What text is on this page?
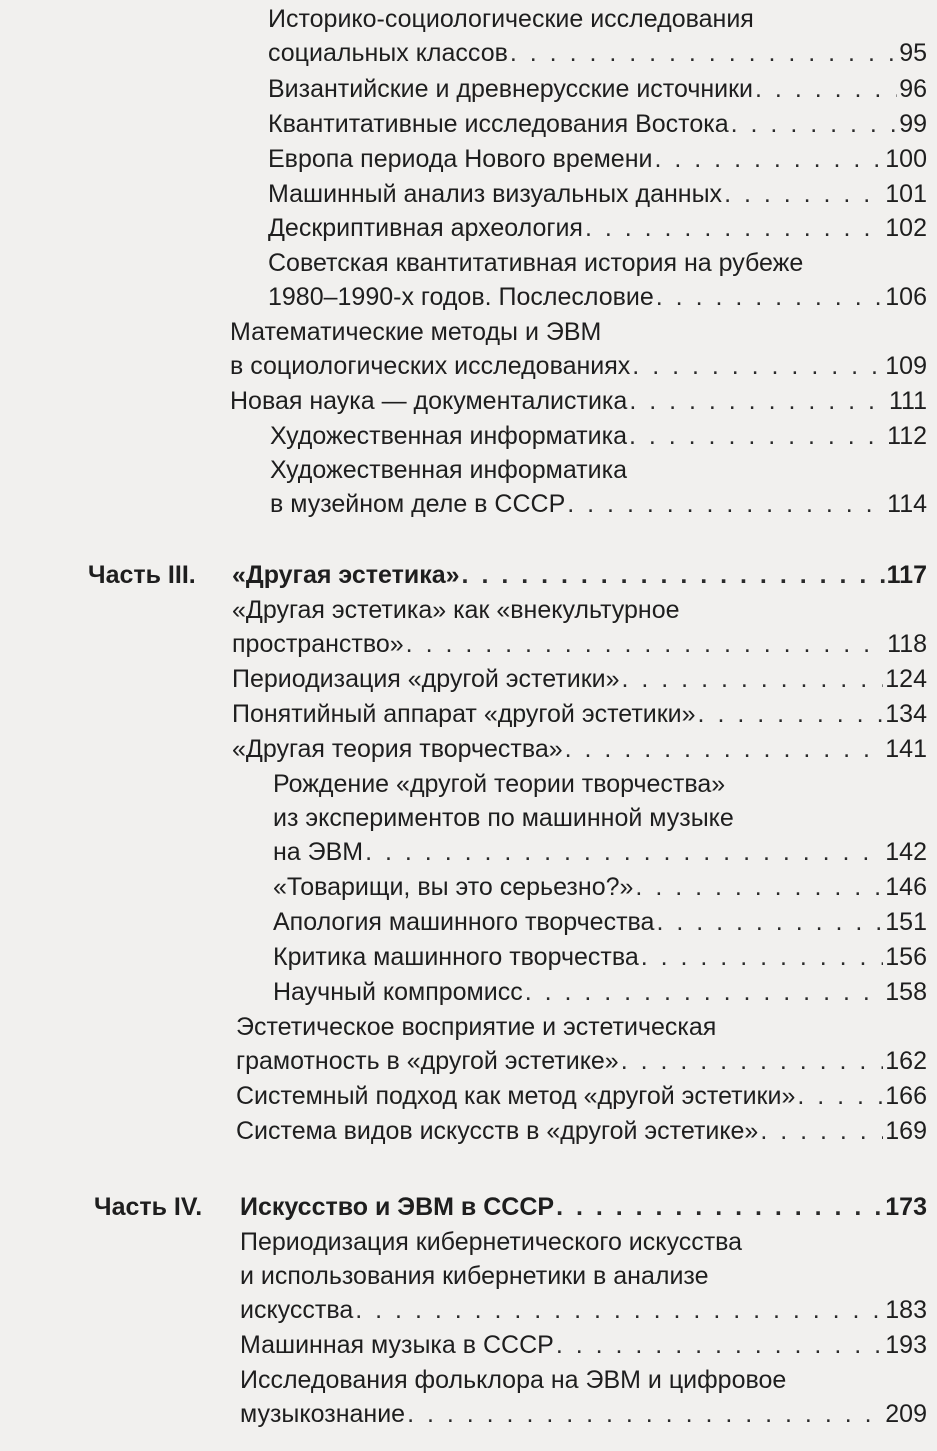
Историко-социологические исследования
социальных классов . . .	95
Византийские и древнерусские источники . . .	96
Квантитативные исследования Востока . . .	99
Европа периода Нового времени . . .	100
Машинный анализ визуальных данных . . .	101
Дескриптивная археология . . .	102
Советская квантитативная история на рубеже
1980–1990-х годов. Послесловие . . .	106
Математические методы и ЭВМ
в социологических исследованиях . . .	109
Новая наука — документалистика . . .	111
Художественная информатика . . .	112
Художественная информатика
в музейном деле в СССР . . .	114
Часть III. «Другая эстетика» . . .	117
«Другая эстетика» как «внекультурное
пространство» . . .	118
Периодизация «другой эстетики» . . .	124
Понятийный аппарат «другой эстетики» . . .	134
«Другая теория творчества» . . .	141
Рождение «другой теории творчества»
из экспериментов по машинной музыке
на ЭВМ . . .	142
«Товарищи, вы это серьезно?» . . .	146
Апология машинного творчества . . .	151
Критика машинного творчества . . .	156
Научный компромисс . . .	158
Эстетическое восприятие и эстетическая
грамотность в «другой эстетике» . . .	162
Системный подход как метод «другой эстетики» . . .	166
Система видов искусств в «другой эстетике» . . .	169
Часть IV. Искусство и ЭВМ в СССР . . .	173
Периодизация кибернетического искусства
и использования кибернетики в анализе
искусства . . .	183
Машинная музыка в СССР . . .	193
Исследования фольклора на ЭВМ и цифровое
музыкознание . . .	209
